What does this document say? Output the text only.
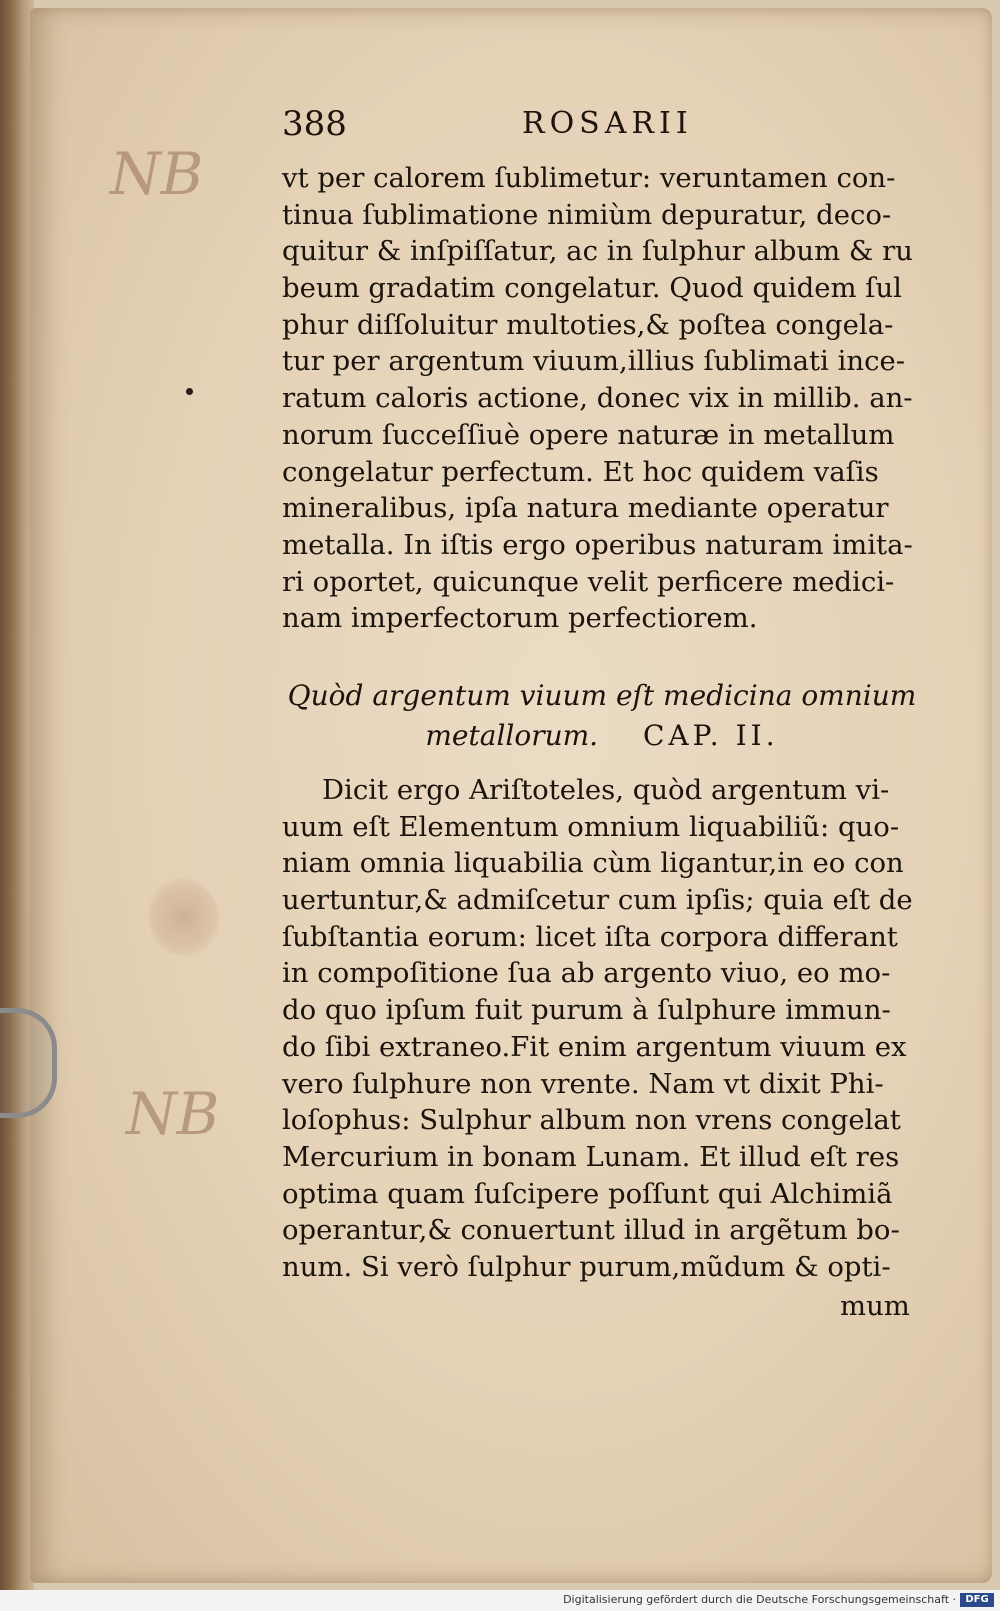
NB
NB
388	ROSARII
vt per calorem ſublimetur: veruntamen con-
tinua ſublimatione nimiùm depuratur, deco-
quitur & inſpiſſatur, ac in ſulphur album & ru
beum gradatim congelatur. Quod quidem ſul
phur diſſoluitur multoties,& poſtea congela-
tur per argentum viuum,illius ſublimati ince-
ratum caloris actione, donec vix in millib. an-
norum ſucceſſiuè opere naturæ in metallum
congelatur perfectum. Et hoc quidem vaſis
mineralibus, ipſa natura mediante operatur
metalla. In iſtis ergo operibus naturam imita-
ri oportet, quicunque velit perficere medici-
nam imperfectorum perfectiorem.
Quòd argentum viuum eſt medicina omnium
metallorum. CAP. II.
Dicit ergo Ariſtoteles, quòd argentum vi-
uum eſt Elementum omnium liquabiliũ: quo-
niam omnia liquabilia cùm ligantur,in eo con
uertuntur,& admiſcetur cum ipſis; quia eſt de
ſubſtantia eorum: licet iſta corpora differant
in compoſitione ſua ab argento viuo, eo mo-
do quo ipſum fuit purum à ſulphure immun-
do ſibi extraneo.Fit enim argentum viuum ex
vero ſulphure non vrente. Nam vt dixit Phi-
loſophus: Sulphur album non vrens congelat
Mercurium in bonam Lunam. Et illud eſt res
optima quam ſuſcipere poſſunt qui Alchimiã
operantur,& conuertunt illud in argẽtum bo-
num. Si verò ſulphur purum,mũdum & opti-
mum
Digitalisierung gefördert durch die Deutsche Forschungsgemeinschaft · DFG
